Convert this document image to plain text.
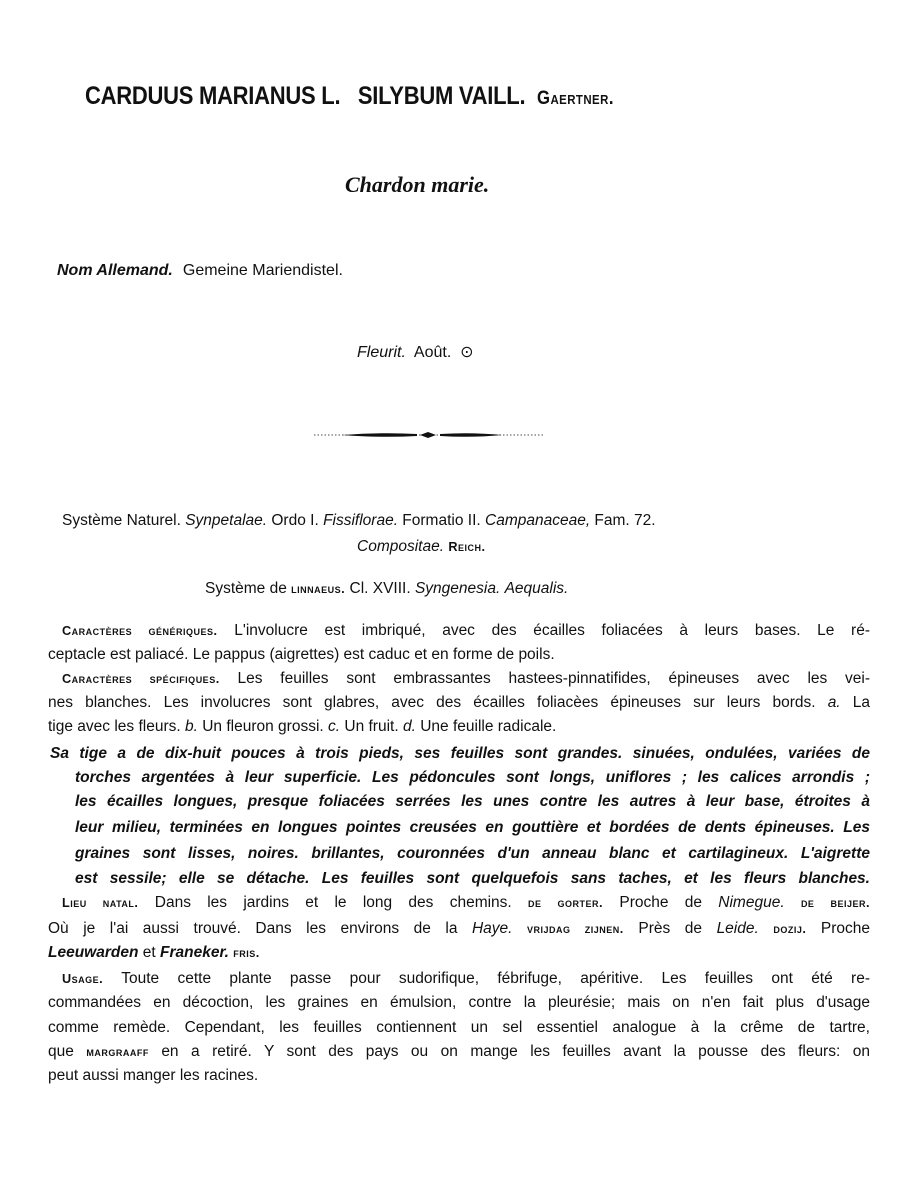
CARDUUS MARIANUS L. SILYBUM VAILL. Gaertner.
Chardon marie.
Nom Allemand. Gemeine Mariendistel.
Fleurit. Août. ⊙
Système Naturel. Synpetalae. Ordo I. Fissiflorae. Formatio II. Campanaceae, Fam. 72.
Compositae. Reich.
Système de linnaeus. Cl. XVIII. Syngenesia. Aequalis.
Caractères génériques. L'involucre est imbriqué, avec des écailles foliacées à leurs bases. Le ré-
ceptacle est paliacé. Le pappus (aigrettes) est caduc et en forme de poils.
Caractères spécifiques. Les feuilles sont embrassantes hastees-pinnatifides, épineuses avec les vei-
nes blanches. Les involucres sont glabres, avec des écailles foliacèes épineuses sur leurs bords. a. La
tige avec les fleurs. b. Un fleuron grossi. c. Un fruit. d. Une feuille radicale.
Sa tige a de dix-huit pouces à trois pieds, ses feuilles sont grandes. sinuées, ondulées, variées de
torches argentées à leur superficie. Les pédoncules sont longs, uniflores ; les calices arrondis ;
les écailles longues, presque foliacées serrées les unes contre les autres à leur base, étroites à
leur milieu, terminées en longues pointes creusées en gouttière et bordées de dents épineuses. Les
graines sont lisses, noires. brillantes, couronnées d'un anneau blanc et cartilagineux. L'aigrette
est sessile; elle se détache. Les feuilles sont quelquefois sans taches, et les fleurs blanches.
Lieu natal. Dans les jardins et le long des chemins. de gorter. Proche de Nimegue. de beijer.
Où je l'ai aussi trouvé. Dans les environs de la Haye. vrijdag zijnen. Près de Leide. dozij. Proche
Leeuwarden et Franeker. fris.
Usage. Toute cette plante passe pour sudorifique, fébrifuge, apéritive. Les feuilles ont été re-
commandées en décoction, les graines en émulsion, contre la pleurésie; mais on n'en fait plus d'usage
comme remède. Cependant, les feuilles contiennent un sel essentiel analogue à la crême de tartre,
que margraaff en a retiré. Y sont des pays ou on mange les feuilles avant la pousse des fleurs: on
peut aussi manger les racines.
